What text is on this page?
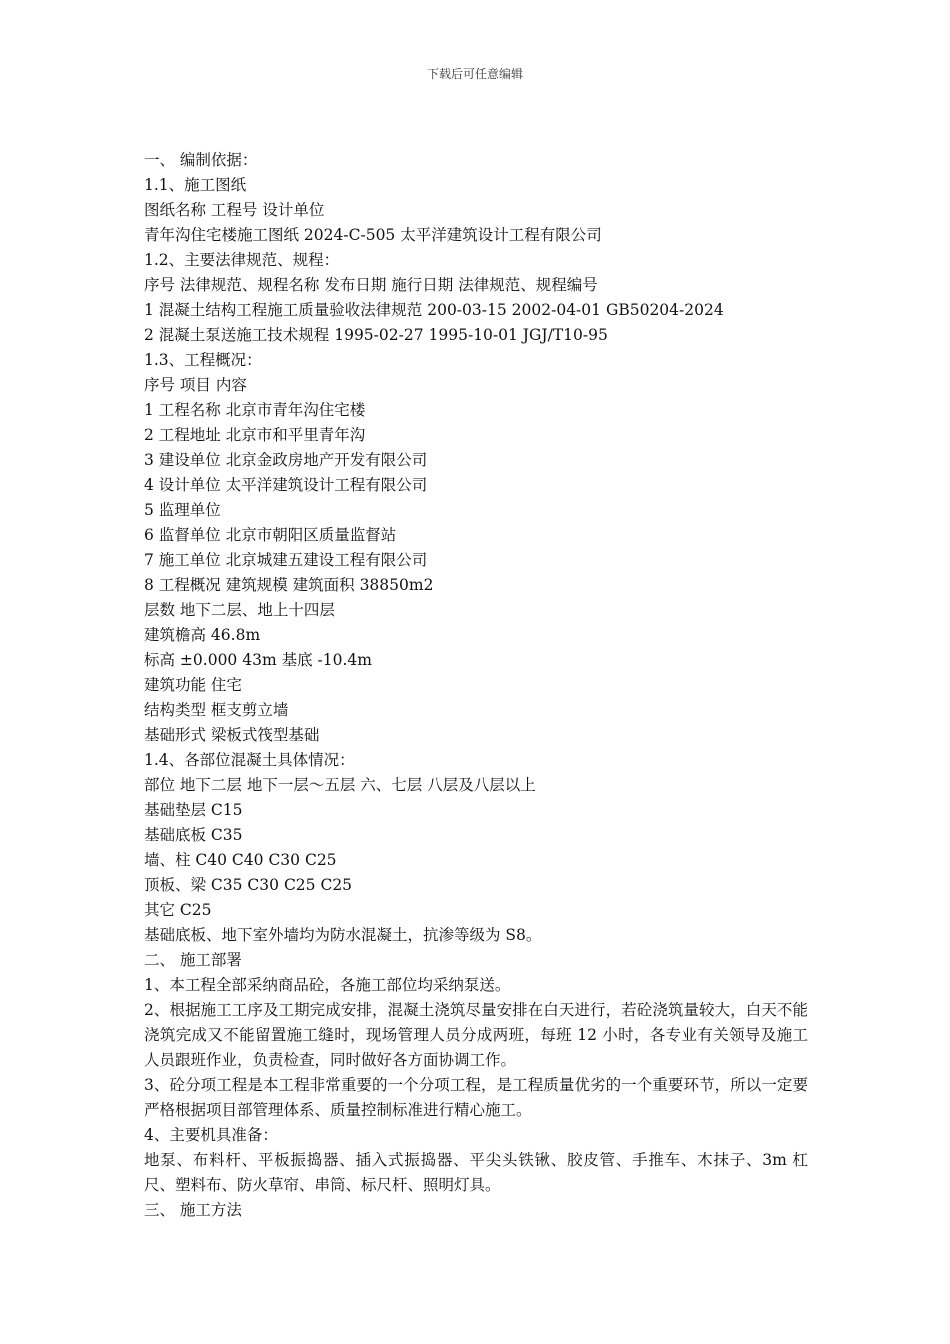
下载后可任意编辑
一、 编制依据：
1.1、施工图纸
图纸名称 工程号 设计单位
青年沟住宅楼施工图纸 2024-C-505 太平洋建筑设计工程有限公司
1.2、主要法律规范、规程：
序号 法律规范、规程名称 发布日期 施行日期 法律规范、规程编号
1 混凝土结构工程施工质量验收法律规范 200-03-15 2002-04-01 GB50204-2024
2 混凝土泵送施工技术规程 1995-02-27 1995-10-01 JGJ/T10-95
1.3、工程概况：
序号 项目 内容
1 工程名称 北京市青年沟住宅楼
2 工程地址 北京市和平里青年沟
3 建设单位 北京金政房地产开发有限公司
4 设计单位 太平洋建筑设计工程有限公司
5 监理单位
6 监督单位 北京市朝阳区质量监督站
7 施工单位 北京城建五建设工程有限公司
8 工程概况 建筑规模 建筑面积 38850m2
层数 地下二层、地上十四层
建筑檐高 46.8m
标高 ±0.000 43m 基底 -10.4m
建筑功能 住宅
结构类型 框支剪立墙
基础形式 梁板式筏型基础
1.4、各部位混凝土具体情况：
部位 地下二层 地下一层～五层 六、七层 八层及八层以上
基础垫层 C15
基础底板 C35
墙、柱 C40 C40 C30 C25
顶板、梁 C35 C30 C25 C25
其它 C25
基础底板、地下室外墙均为防水混凝土，抗渗等级为 S8。
二、 施工部署
1、本工程全部采纳商品砼，各施工部位均采纳泵送。
2、根据施工工序及工期完成安排，混凝土浇筑尽量安排在白天进行，若砼浇筑量较大，白天不能浇筑完成又不能留置施工缝时，现场管理人员分成两班，每班 12 小时，各专业有关领导及施工人员跟班作业，负责检查，同时做好各方面协调工作。
3、砼分项工程是本工程非常重要的一个分项工程，是工程质量优劣的一个重要环节，所以一定要严格根据项目部管理体系、质量控制标准进行精心施工。
4、主要机具准备：
地泵、布料杆、平板振捣器、插入式振捣器、平尖头铁锹、胶皮管、手推车、木抹子、3m 杠尺、塑料布、防火草帘、串筒、标尺杆、照明灯具。
三、 施工方法
